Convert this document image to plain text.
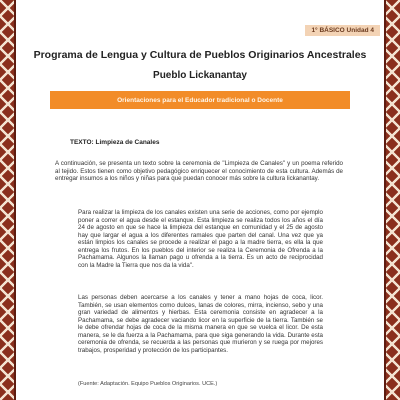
1° BÁSICO Unidad 4
Programa de Lengua y Cultura de Pueblos Originarios Ancestrales
Pueblo Lickanantay
Orientaciones para el Educador tradicional o Docente
TEXTO: Limpieza de Canales

A continuación, se presenta un texto sobre la ceremonia de "Limpieza de Canales" y un poema referido al tejido. Estos tienen como objetivo pedagógico enriquecer el conocimiento de esta cultura. Además de entregar insumos a los niños y niñas para que puedan conocer más sobre la cultura lickanantay.

Para realizar la limpieza de los canales existen una serie de acciones, como por ejemplo poner a correr el agua desde el estanque. Esta limpieza se realiza todos los años el día 24 de agosto en que se hace la limpieza del estanque en comunidad y el 25 de agosto hay que largar el agua a los diferentes ramales que parten del canal. Una vez que ya están limpios los canales se procede a realizar el pago a la madre tierra, es ella la que entrega los frutos. En los pueblos del interior se realiza la Ceremonia de Ofrenda a la Pachamama. Algunos la llaman pago u ofrenda a la tierra. Es un acto de reciprocidad con la Madre la Tierra que nos da la vida".

Las personas deben acercarse a los canales y tener a mano hojas de coca, licor. También, se usan elementos como dulces, lanas de colores, mirra, incienso, sebo y una gran variedad de alimentos y hierbas. Esta ceremonia consiste en agradecer a la Pachamama, se debe agradecer vaciando licor en la superficie de la tierra. También se le debe ofrendar hojas de coca de la misma manera en que se vuelca el licor. De esta manera, se le da fuerza a la Pachamama, para que siga generando la vida. Durante esta ceremonia de ofrenda, se recuerda a las personas que murieron y se ruega por mejores trabajos, prosperidad y protección de los participantes.

(Fuente: Adaptación. Equipo Pueblos Originarios. UCE.)
